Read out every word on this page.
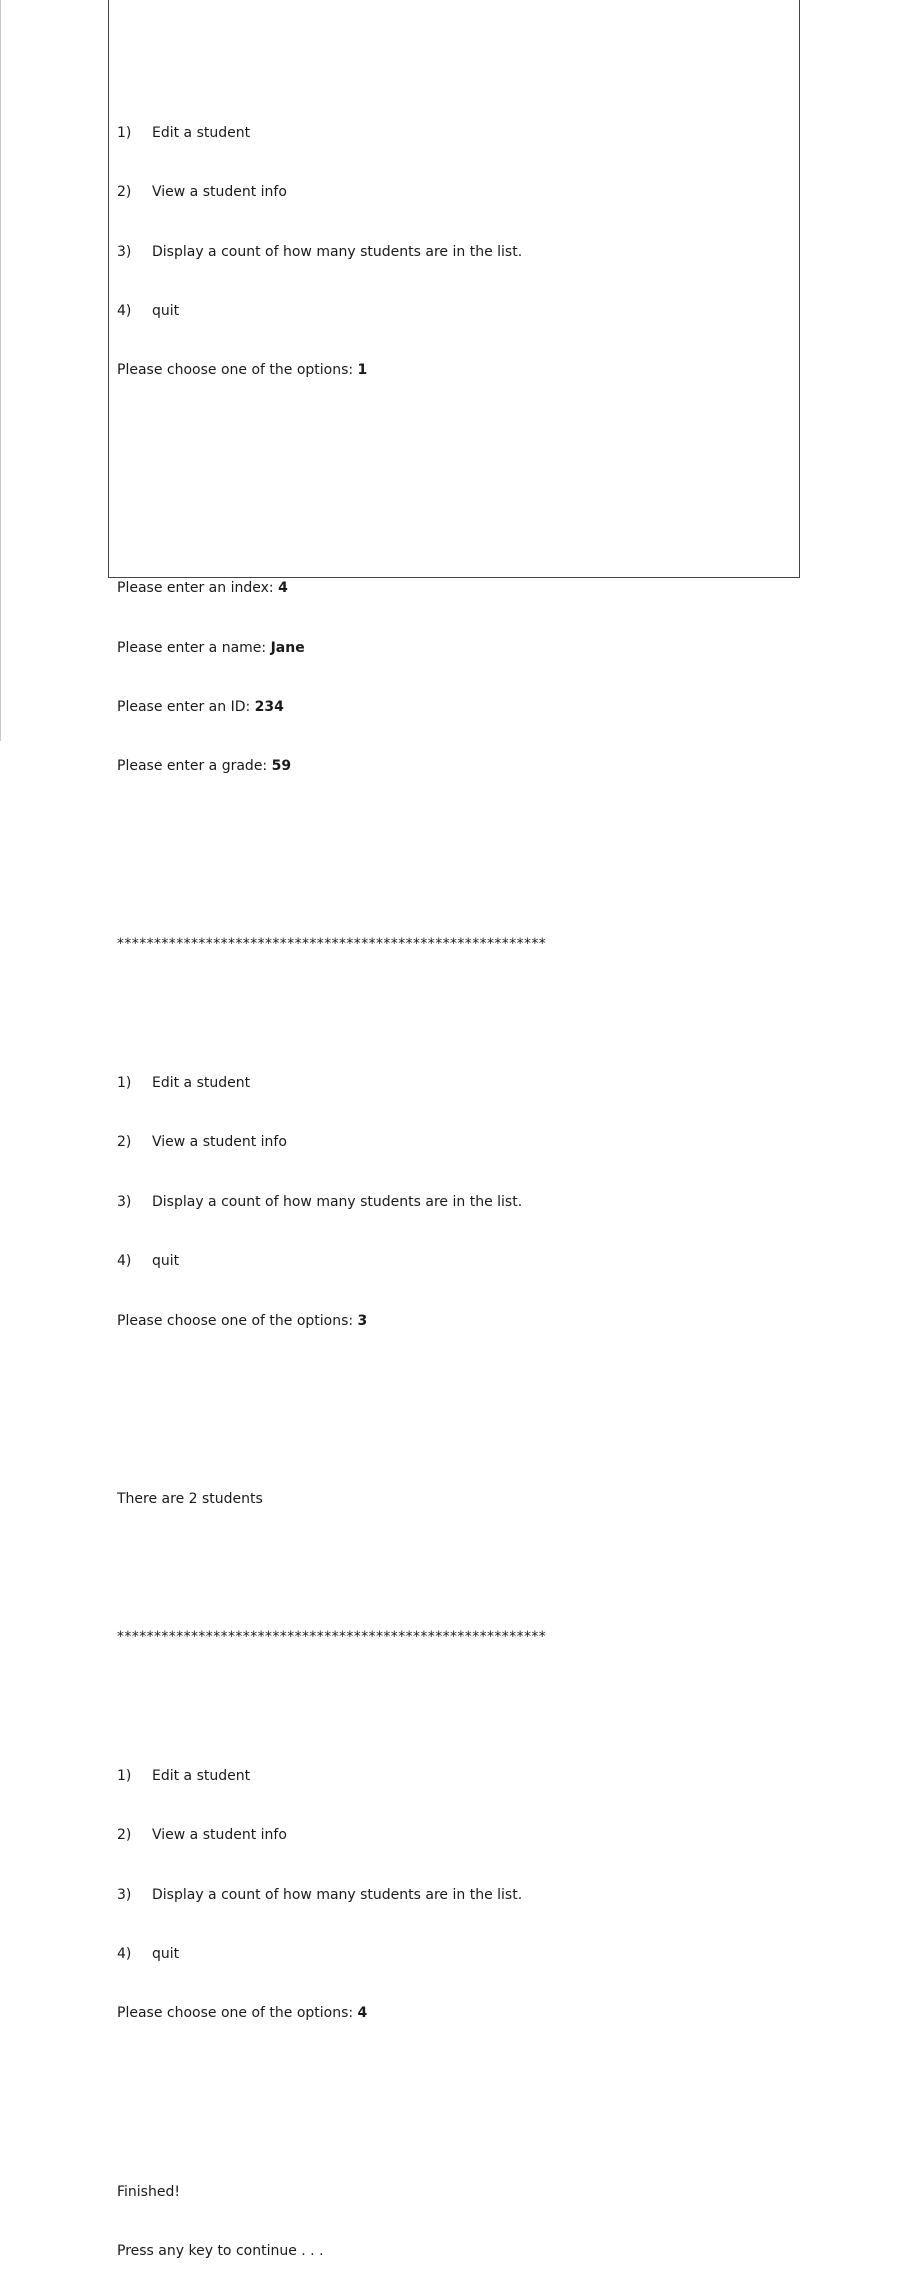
1) Edit a student

2) View a student info

3) Display a count of how many students are in the list.

4) quit

Please choose one of the options: 1

Please enter an index: 4

Please enter a name: Jane

Please enter an ID: 234

Please enter a grade: 59

**********************************************************

1) Edit a student

2) View a student info

3) Display a count of how many students are in the list.

4) quit

Please choose one of the options: 3

There are 2 students

**********************************************************

1) Edit a student

2) View a student info

3) Display a count of how many students are in the list.

4) quit

Please choose one of the options: 4

Finished!

Press any key to continue . . .
